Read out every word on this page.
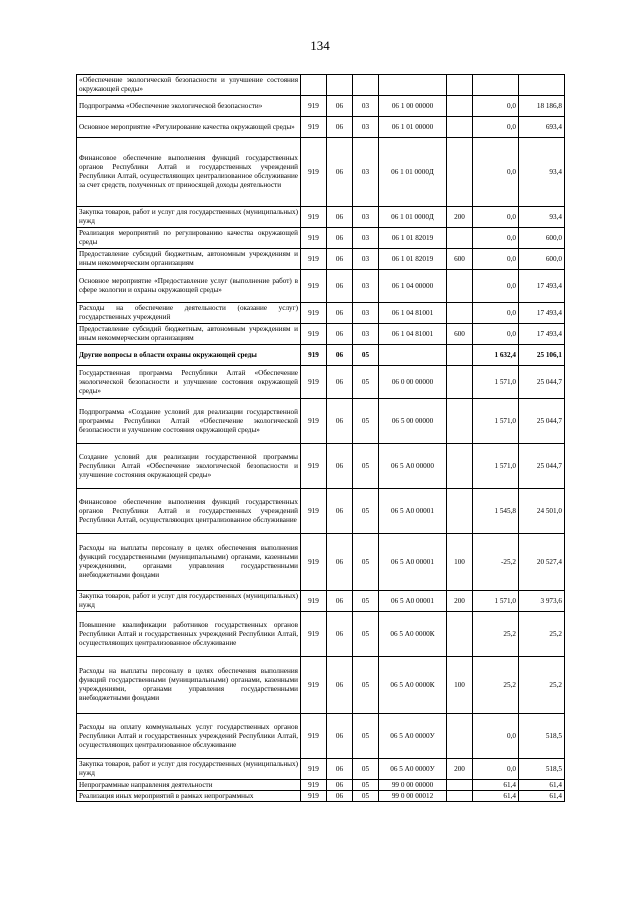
134
«Обеспечение экологической безопасности и улучшение состояния окружающей среды»							
Подпрограмма «Обеспечение экологической безопасности»	919	06	03	06 1 00 00000		0,0	18 186,8
Основное мероприятие «Регулирование качества окружающей среды»	919	06	03	06 1 01 00000		0,0	693,4
Финансовое обеспечение выполнения функций государственных органов Республики Алтай и государственных учреждений Республики Алтай, осуществляющих централизованное обслуживание за счет средств, полученных от приносящей доходы деятельности	919	06	03	06 1 01 0000Д		0,0	93,4
Закупка товаров, работ и услуг для государственных (муниципальных) нужд	919	06	03	06 1 01 0000Д	200	0,0	93,4
Реализация мероприятий по регулированию качества окружающей среды	919	06	03	06 1 01 82019		0,0	600,0
Предоставление субсидий бюджетным, автономным учреждениям и иным некоммерческим организациям	919	06	03	06 1 01 82019	600	0,0	600,0
Основное мероприятие «Предоставление услуг (выполнение работ) в сфере экологии и охраны окружающей среды»	919	06	03	06 1 04 00000		0,0	17 493,4
Расходы на обеспечение деятельности (оказание услуг) государственных учреждений	919	06	03	06 1 04 81001		0,0	17 493,4
Предоставление субсидий бюджетным, автономным учреждениям и иным некоммерческим организациям	919	06	03	06 1 04 81001	600	0,0	17 493,4
Другие вопросы в области охраны окружающей среды	919	06	05			1 632,4	25 106,1
Государственная программа Республики Алтай «Обеспечение экологической безопасности и улучшение состояния окружающей среды»	919	06	05	06 0 00 00000		1 571,0	25 044,7
Подпрограмма «Создание условий для реализации государственной программы Республики Алтай «Обеспечение экологической безопасности и улучшение состояния окружающей среды»	919	06	05	06 5 00 00000		1 571,0	25 044,7
Создание условий для реализации государственной программы Республики Алтай «Обеспечение экологической безопасности и улучшение состояния окружающей среды»	919	06	05	06 5 А0 00000		1 571,0	25 044,7
Финансовое обеспечение выполнения функций государственных органов Республики Алтай и государственных учреждений Республики Алтай, осуществляющих централизованное обслуживание	919	06	05	06 5 А0 00001		1 545,8	24 501,0
Расходы на выплаты персоналу в целях обеспечения выполнения функций государственными (муниципальными) органами, казенными учреждениями, органами управления государственными внебюджетными фондами	919	06	05	06 5 А0 00001	100	-25,2	20 527,4
Закупка товаров, работ и услуг для государственных (муниципальных) нужд	919	06	05	06 5 А0 00001	200	1 571,0	3 973,6
Повышение квалификации работников государственных органов Республики Алтай и государственных учреждений Республики Алтай, осуществляющих централизованное обслуживание	919	06	05	06 5 А0 0000К		25,2	25,2
Расходы на выплаты персоналу в целях обеспечения выполнения функций государственными (муниципальными) органами, казенными учреждениями, органами управления государственными внебюджетными фондами	919	06	05	06 5 А0 0000К	100	25,2	25,2
Расходы на оплату коммунальных услуг государственных органов Республики Алтай и государственных учреждений Республики Алтай, осуществляющих централизованное обслуживание	919	06	05	06 5 А0 0000У		0,0	518,5
Закупка товаров, работ и услуг для государственных (муниципальных) нужд	919	06	05	06 5 А0 0000У	200	0,0	518,5
Непрограммные направления деятельности	919	06	05	99 0 00 00000		61,4	61,4
Реализация иных мероприятий в рамках непрограммных	919	06	05	99 0 00 00012		61,4	61,4
